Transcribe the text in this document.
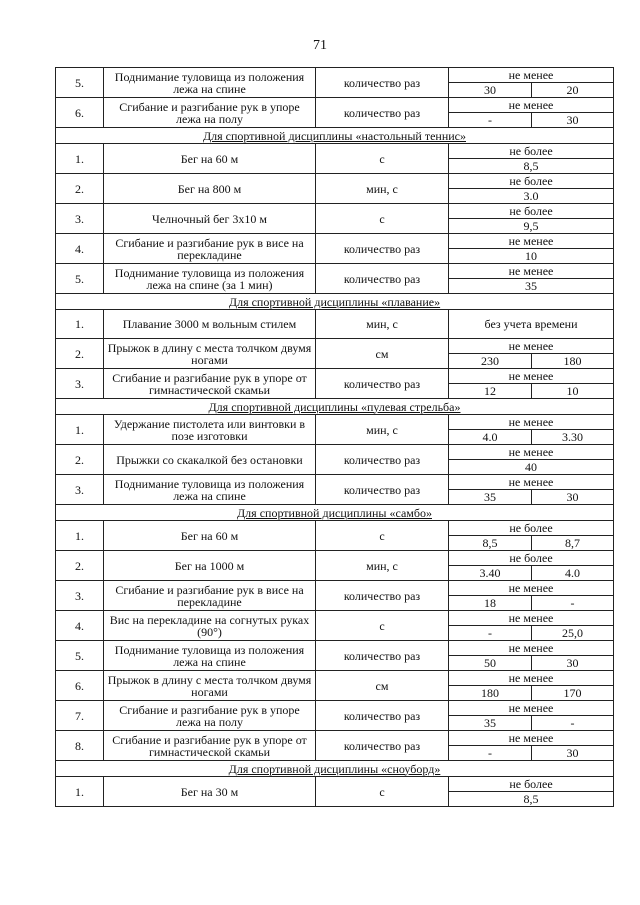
71
5.	Поднимание туловища из положения лежа на спине	количество раз	не менее	
			30	20
6.	Сгибание и разгибание рук в упоре лежа на полу	количество раз	не менее	
			-	30
Для спортивной дисциплины «настольный теннис»				
1.	Бег на 60 м	с	не более	
			8,5	
2.	Бег на 800 м	мин, с	не более	
			3.0	
3.	Челночный бег 3х10 м	с	не более	
			9,5	
4.	Сгибание и разгибание рук в висе на перекладине	количество раз	не менее	
			10	
5.	Поднимание туловища из положения лежа на спине (за 1 мин)	количество раз	не менее	
			35	
Для спортивной дисциплины «плавание»				
1.	Плавание 3000 м вольным стилем	мин, с	без учета времени	
2.	Прыжок в длину с места толчком двумя ногами	см	не менее	
			230	180
3.	Сгибание и разгибание рук в упоре от гимнастической скамьи	количество раз	не менее	
			12	10
Для спортивной дисциплины «пулевая стрельба»				
1.	Удержание пистолета или винтовки в позе изготовки	мин, с	не менее	
			4.0	3.30
2.	Прыжки со скакалкой без остановки	количество раз	не менее	
			40	
3.	Поднимание туловища из положения лежа на спине	количество раз	не менее	
			35	30
Для спортивной дисциплины «самбо»				
1.	Бег на 60 м	с	не более	
			8,5	8,7
2.	Бег на 1000 м	мин, с	не более	
			3.40	4.0
3.	Сгибание и разгибание рук в висе на перекладине	количество раз	не менее	
			18	-
4.	Вис на перекладине на согнутых руках (90°)	с	не менее	
			-	25,0
5.	Поднимание туловища из положения лежа на спине	количество раз	не менее	
			50	30
6.	Прыжок в длину с места толчком двумя ногами	см	не менее	
			180	170
7.	Сгибание и разгибание рук в упоре лежа на полу	количество раз	не менее	
			35	-
8.	Сгибание и разгибание рук в упоре от гимнастической скамьи	количество раз	не менее	
			-	30
Для спортивной дисциплины «сноуборд»				
1.	Бег на 30 м	с	не более	
			8,5	
